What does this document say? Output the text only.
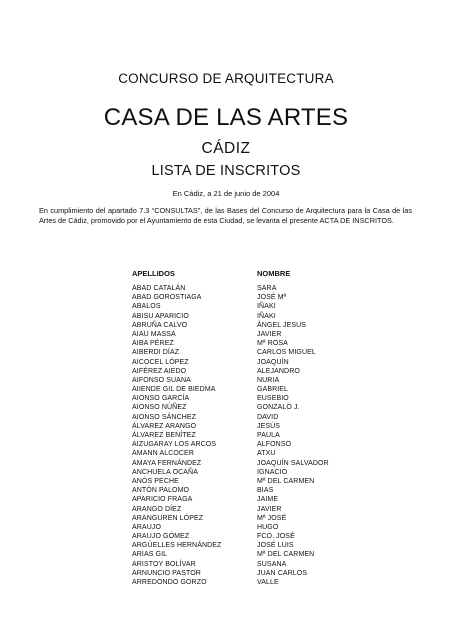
CONCURSO DE ARQUITECTURA
CASA DE LAS ARTES
CÁDIZ
LISTA DE INSCRITOS
En Cádiz, a 21 de junio de 2004
En cumplimiento del apartado 7.3 “CONSULTAS”, de las Bases del Concurso de Arquitectura para la Casa de las Artes de Cádiz, promovido por el Ayuntamiento de esta Ciudad, se levanta el presente ACTA DE INSCRITOS.
APELLIDOS
ABAD CATALÁN
ABAD GOROSTIAGA
ABALOS
ABISU APARICIO
ABRUÑA CALVO
AIAU MASSA
AIBA PÉREZ
AIBERDI DÍAZ
AICOCEL LÓPEZ
AIFÉREZ AIEDO
AIFONSO SUANA
AIIENDE GIL DE BIEDMA
AIONSO GARCÍA
AIONSO NÚÑEZ
AIONSO SÁNCHEZ
ÁLVAREZ ARANGO
ÁLVAREZ BENÍTEZ
AIZUGARAY LOS ARCOS
AMANN ALCOCER
AMAYA FERNÁNDEZ
ANCHUELA OCAÑA
ANÓS PECHE
ANTÓN PALOMO
APARICIO FRAGA
ARANGO DÍEZ
ARANGUREN LÓPEZ
ARAUJO
ARAUJO GÓMEZ
ARGÜELLES HERNÁNDEZ
ARIAS GIL
ARISTOY BOLÍVAR
ARNUNCIO PASTOR
ARREDONDO GORZO
NOMBRE
SARA
JOSÉ Mª
IÑAKI
IÑAKI
ÁNGEL JESUS
JAVIER
Mª ROSA
CARLOS MIGUEL
JOAQUÍN
ALEJANDRO
NURIA
GABRIEL
EUSEBIO
GONZALO J.
DAVID
JESÚS
PAULA
ALFONSO
ATXU
JOAQUÍN SALVADOR
IGNACIO
Mª DEL CARMEN
BIAS
JAIME
JAVIER
Mª JOSÉ
HUGO
FCO. JOSÉ
JOSÉ LUIS
Mª DEL CARMEN
SUSANA
JUAN CARLOS
VALLE
